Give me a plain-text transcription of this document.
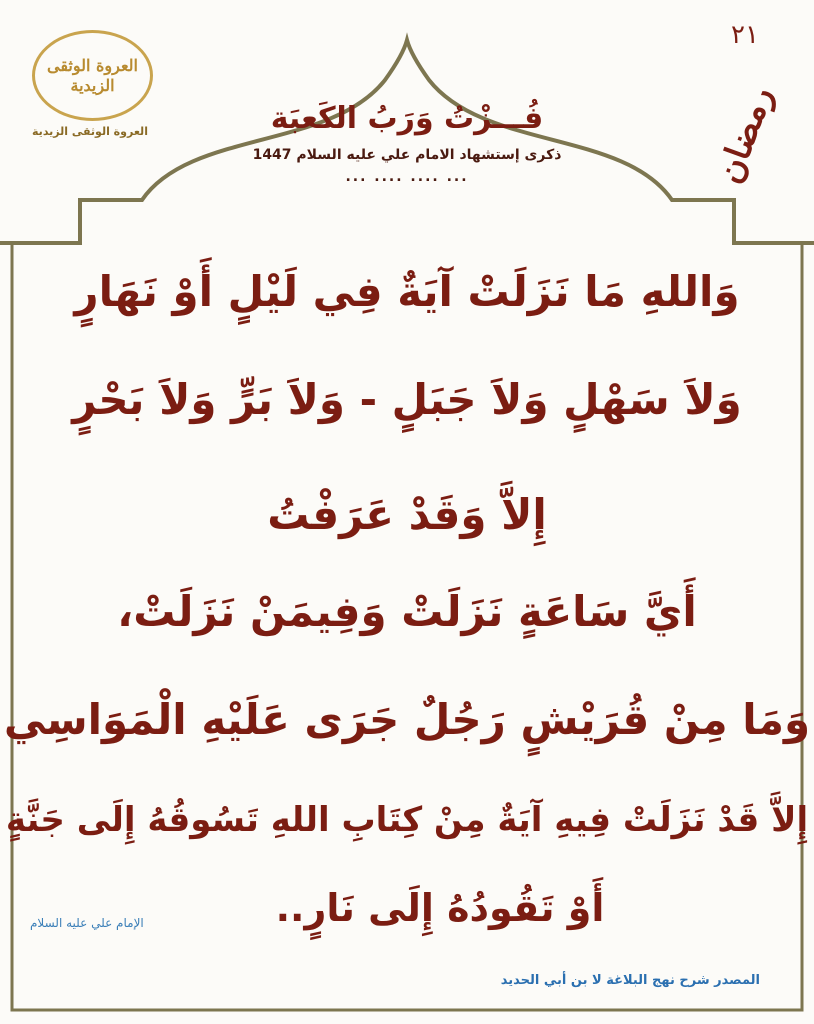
العروة الوثقى الزيدية
العروة الوثقى الزيدية
٢١
رمضان
فُـــزْتُ وَرَبُ الكَعبَة
ذكرى إستشهاد الامام علي عليه السلام 1447
... .... .... ...
وَاللهِ مَا نَزَلَتْ آيَةٌ فِي لَيْلٍ أَوْ نَهَارٍ
وَلاَ سَهْلٍ وَلاَ جَبَلٍ - وَلاَ بَرٍّ وَلاَ بَحْرٍ
إِلاَّ وَقَدْ عَرَفْتُ
أَيَّ سَاعَةٍ نَزَلَتْ وَفِيمَنْ نَزَلَتْ،
وَمَا مِنْ قُرَيْشٍ رَجُلٌ جَرَى عَلَيْهِ الْمَوَاسِي
إِلاَّ قَدْ نَزَلَتْ فِيهِ آيَةٌ مِنْ كِتَابِ اللهِ تَسُوقُهُ إِلَى جَنَّةٍ
أَوْ تَقُودُهُ إِلَى نَارٍ..
الإمام علي عليه السلام
المصدر شرح نهج البلاغة لا بن أبي الحديد
